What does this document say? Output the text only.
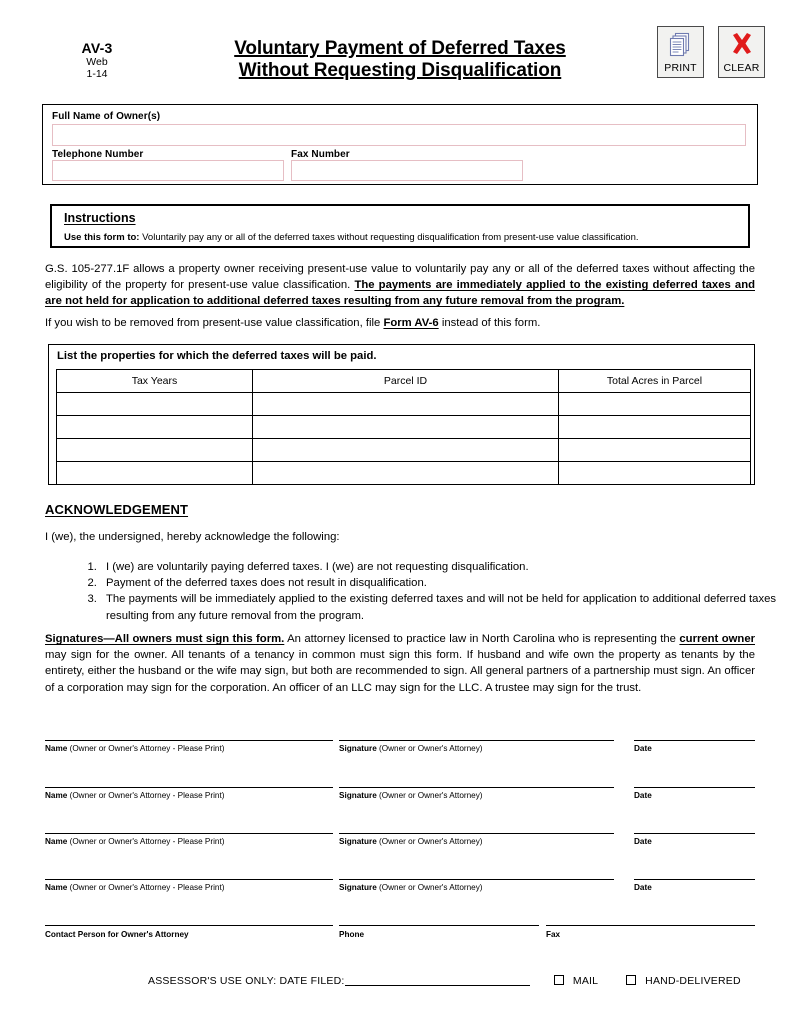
AV-3
Web
1-14
Voluntary Payment of Deferred Taxes
Without Requesting Disqualification	PRINT	CLEAR
Full Name of Owner(s)
Telephone Number	Fax Number
Instructions
Use this form to: Voluntarily pay any or all of the deferred taxes without requesting disqualification from present-use value classification.
G.S. 105-277.1F allows a property owner receiving present-use value to voluntarily pay any or all of the deferred taxes without affecting the eligibility of the property for present-use value classification. The payments are immediately applied to the existing deferred taxes and are not held for application to additional deferred taxes resulting from any future removal from the program.
If you wish to be removed from present-use value classification, file Form AV-6 instead of this form.
List the properties for which the deferred taxes will be paid.
Tax Years	Parcel ID	Total Acres in Parcel

ACKNOWLEDGEMENT
I (we), the undersigned, hereby acknowledge the following:
1. I (we) are voluntarily paying deferred taxes. I (we) are not requesting disqualification.
2. Payment of the deferred taxes does not result in disqualification.
3. The payments will be immediately applied to the existing deferred taxes and will not be held for application to additional deferred taxes resulting from any future removal from the program.
Signatures—All owners must sign this form. An attorney licensed to practice law in North Carolina who is representing the current owner may sign for the owner. All tenants of a tenancy in common must sign this form. If husband and wife own the property as tenants by the entirety, either the husband or the wife may sign, but both are recommended to sign. All general partners of a partnership must sign. An officer of a corporation may sign for the corporation. An officer of an LLC may sign for the LLC. A trustee may sign for the trust.
Name (Owner or Owner's Attorney - Please Print)	Signature (Owner or Owner's Attorney)	Date
Name (Owner or Owner's Attorney - Please Print)	Signature (Owner or Owner's Attorney)	Date
Name (Owner or Owner's Attorney - Please Print)	Signature (Owner or Owner's Attorney)	Date
Name (Owner or Owner's Attorney - Please Print)	Signature (Owner or Owner's Attorney)	Date
Contact Person for Owner's Attorney	Phone	Fax
ASSESSOR'S USE ONLY: DATE FILED:	MAIL	HAND-DELIVERED
